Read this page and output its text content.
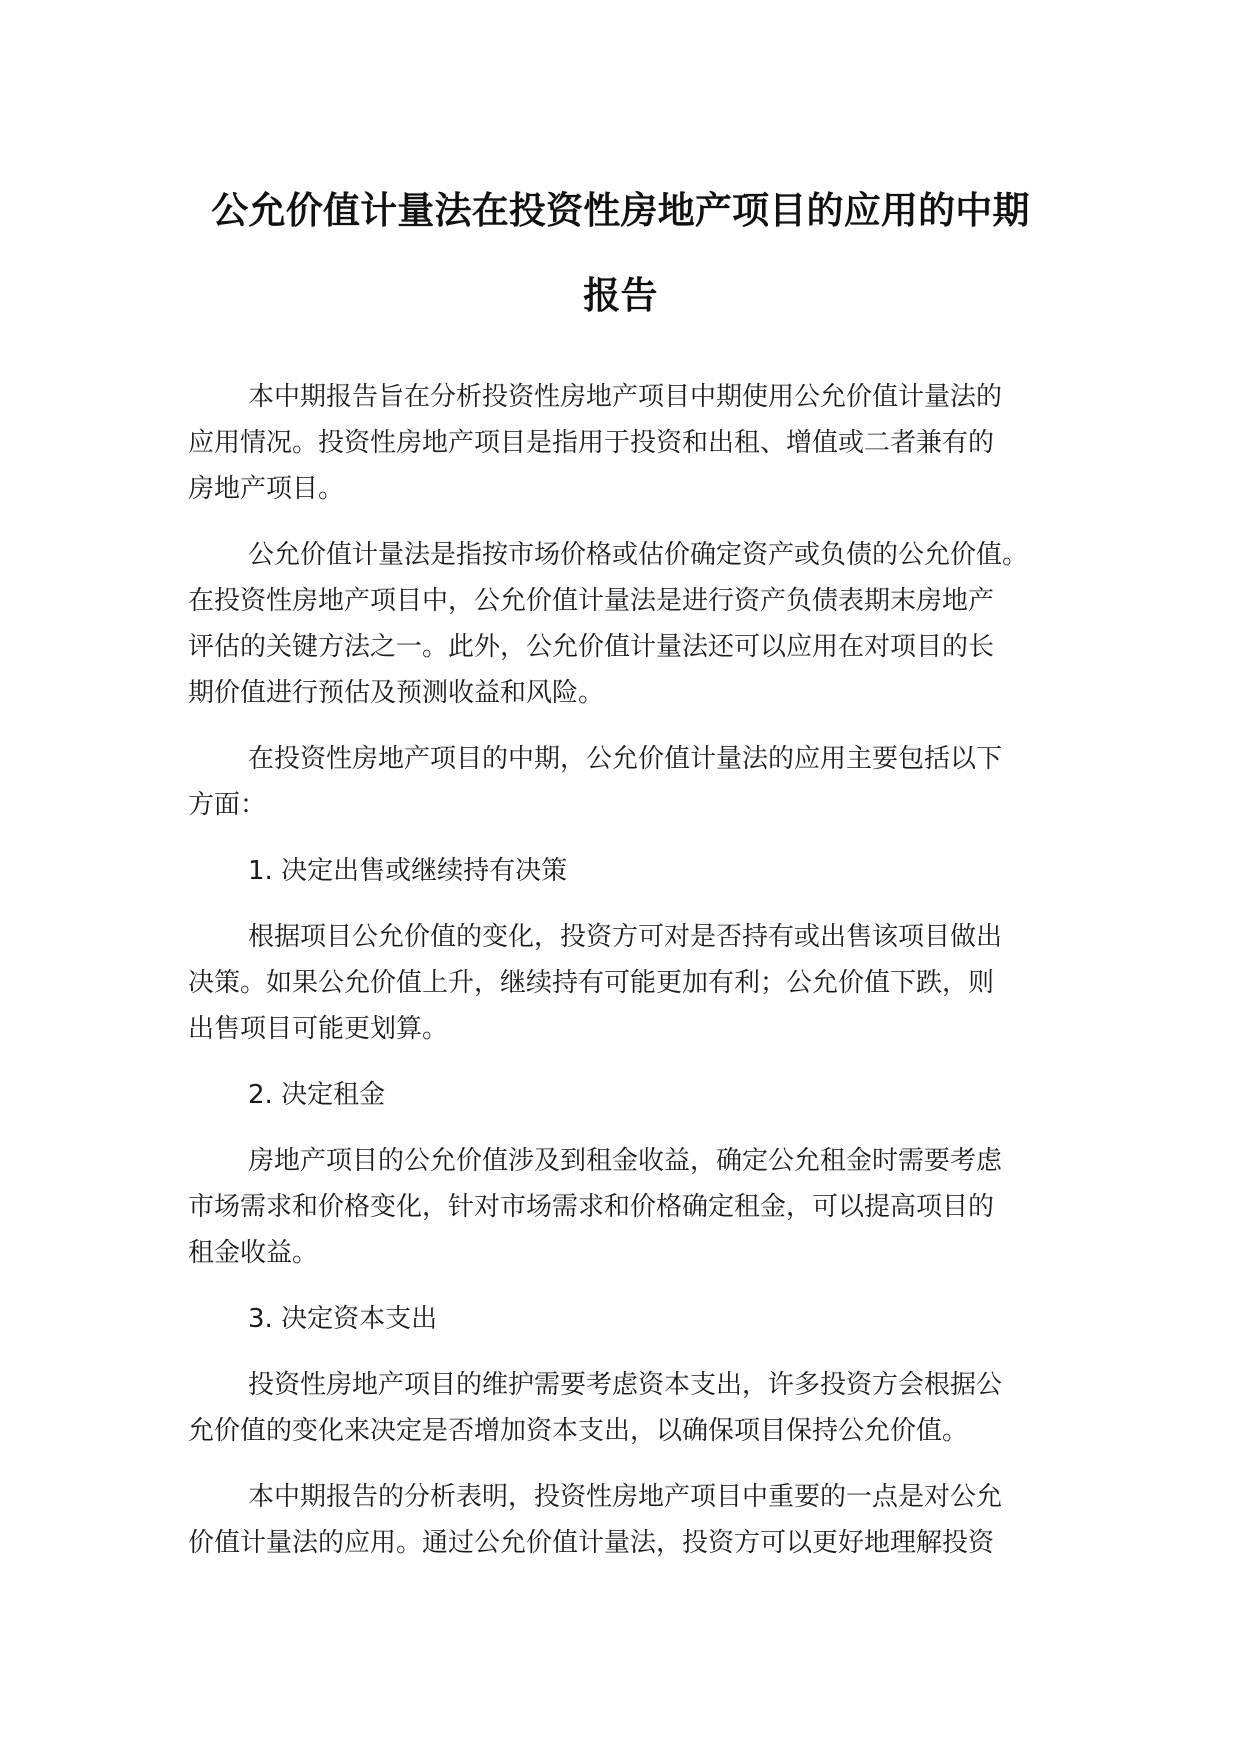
公允价值计量法在投资性房地产项目的应用的中期
报告
本中期报告旨在分析投资性房地产项目中期使用公允价值计量法的
应用情况。投资性房地产项目是指用于投资和出租、增值或二者兼有的
房地产项目。
公允价值计量法是指按市场价格或估价确定资产或负债的公允价值。
在投资性房地产项目中，公允价值计量法是进行资产负债表期末房地产
评估的关键方法之一。此外，公允价值计量法还可以应用在对项目的长
期价值进行预估及预测收益和风险。
在投资性房地产项目的中期，公允价值计量法的应用主要包括以下
方面：
1. 决定出售或继续持有决策
根据项目公允价值的变化，投资方可对是否持有或出售该项目做出
决策。如果公允价值上升，继续持有可能更加有利；公允价值下跌，则
出售项目可能更划算。
2. 决定租金
房地产项目的公允价值涉及到租金收益，确定公允租金时需要考虑
市场需求和价格变化，针对市场需求和价格确定租金，可以提高项目的
租金收益。
3. 决定资本支出
投资性房地产项目的维护需要考虑资本支出，许多投资方会根据公
允价值的变化来决定是否增加资本支出，以确保项目保持公允价值。
本中期报告的分析表明，投资性房地产项目中重要的一点是对公允
价值计量法的应用。通过公允价值计量法，投资方可以更好地理解投资
